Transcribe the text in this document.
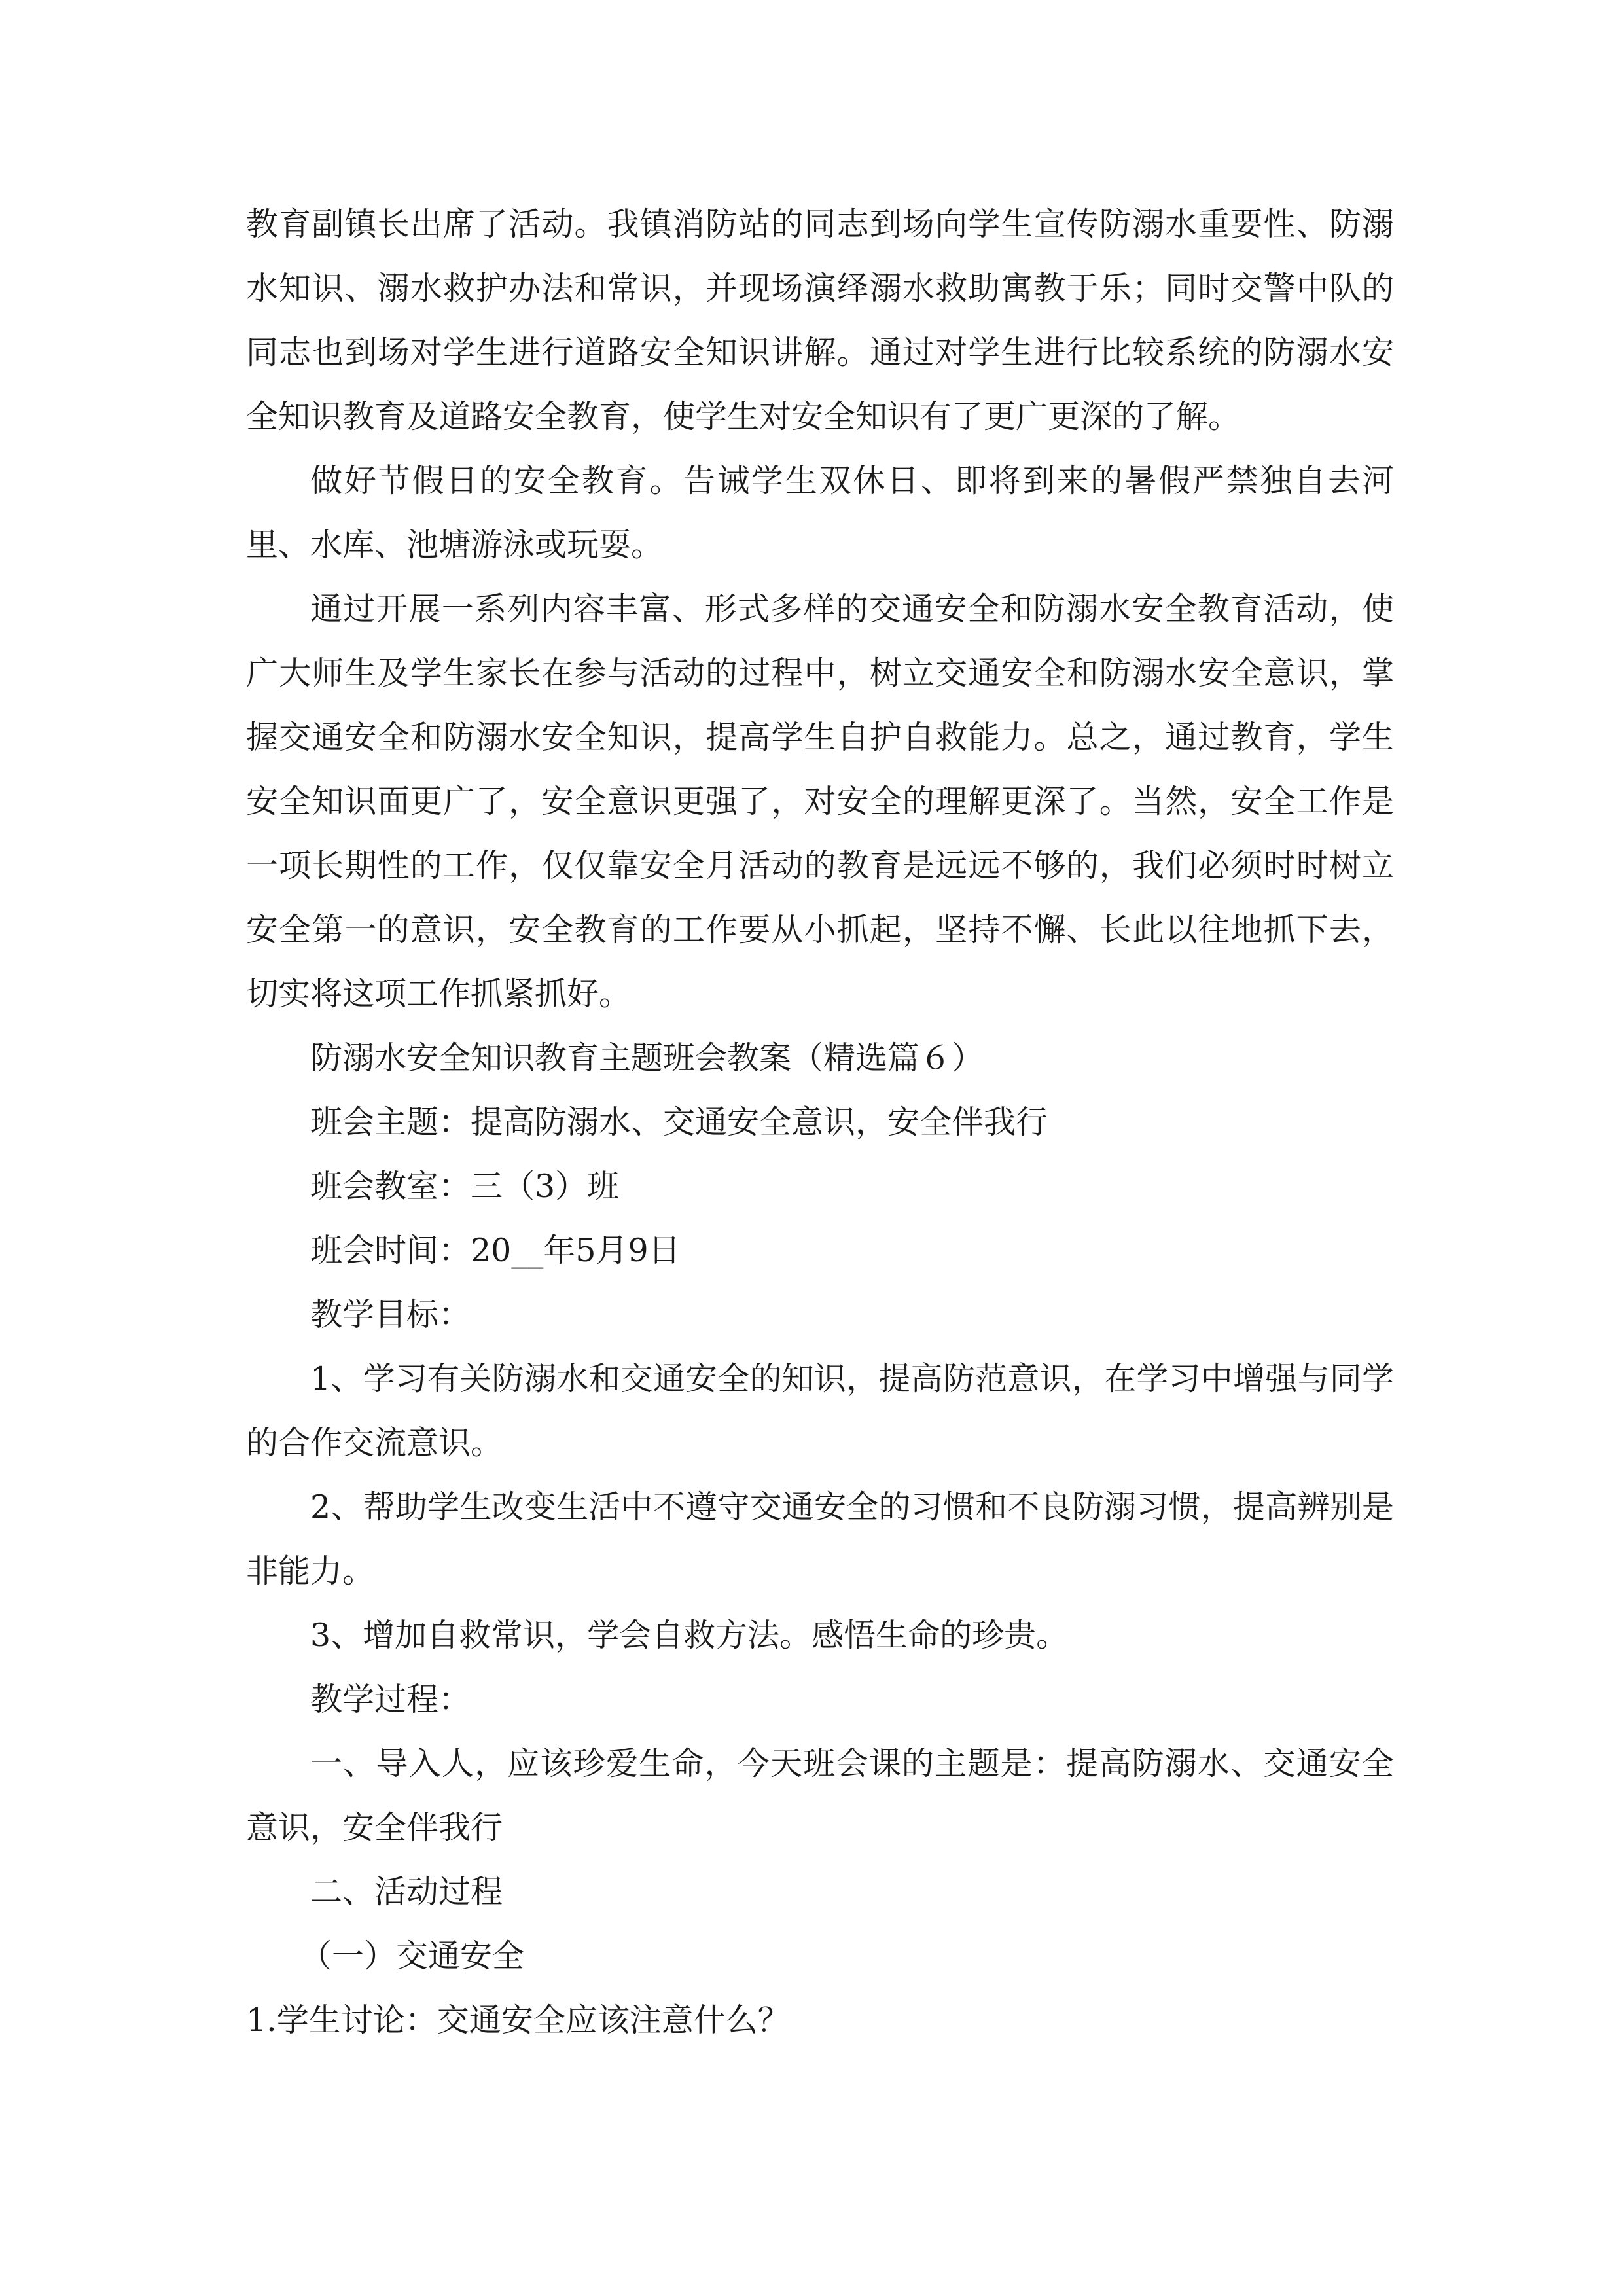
教育副镇长出席了活动。我镇消防站的同志到场向学生宣传防溺水重要性、防溺水知识、溺水救护办法和常识，并现场演绎溺水救助寓教于乐；同时交警中队的同志也到场对学生进行道路安全知识讲解。通过对学生进行比较系统的防溺水安全知识教育及道路安全教育，使学生对安全知识有了更广更深的了解。

做好节假日的安全教育。告诫学生双休日、即将到来的暑假严禁独自去河里、水库、池塘游泳或玩耍。

通过开展一系列内容丰富、形式多样的交通安全和防溺水安全教育活动，使广大师生及学生家长在参与活动的过程中，树立交通安全和防溺水安全意识，掌握交通安全和防溺水安全知识，提高学生自护自救能力。总之，通过教育，学生安全知识面更广了，安全意识更强了，对安全的理解更深了。当然，安全工作是一项长期性的工作，仅仅靠安全月活动的教育是远远不够的，我们必须时时树立安全第一的意识，安全教育的工作要从小抓起，坚持不懈、长此以往地抓下去，切实将这项工作抓紧抓好。

防溺水安全知识教育主题班会教案（精选篇６）

班会主题：提高防溺水、交通安全意识，安全伴我行

班会教室：三（3）班

班会时间：20__年5月9日

教学目标：

1、学习有关防溺水和交通安全的知识，提高防范意识，在学习中增强与同学的合作交流意识。

2、帮助学生改变生活中不遵守交通安全的习惯和不良防溺习惯，提高辨别是非能力。

3、增加自救常识，学会自救方法。感悟生命的珍贵。

教学过程：

一、导入人，应该珍爱生命，今天班会课的主题是：提高防溺水、交通安全意识，安全伴我行

二、活动过程

（一）交通安全

1.学生讨论：交通安全应该注意什么？
